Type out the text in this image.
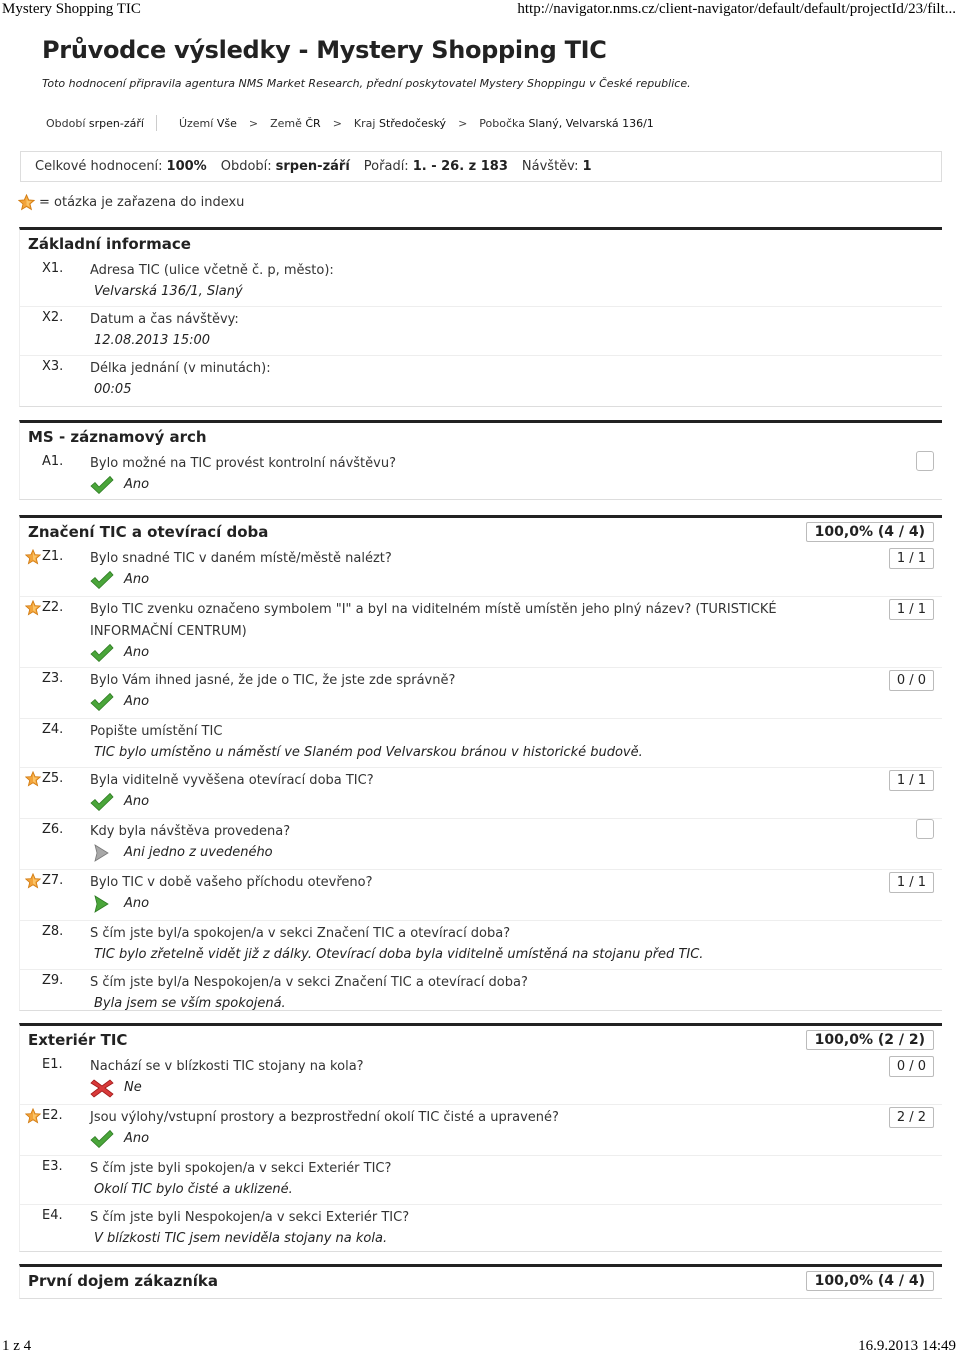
Mystery Shopping TIC	http://navigator.nms.cz/client-navigator/default/default/projectId/23/filt...
Průvodce výsledky - Mystery Shopping TIC
Toto hodnocení připravila agentura NMS Market Research, přední poskytovatel Mystery Shoppingu v České republice.
Období srpen-září	Území Vše > Země ČR > Kraj Středočeský > Pobočka Slaný, Velvarská 136/1
Celkové hodnocení: 100% Období: srpen-září Pořadí: 1. - 26. z 183 Návštěv: 1
= otázka je zařazena do indexu
Základní informace
X1. Adresa TIC (ulice včetně č. p, město):
Velvarská 136/1, Slaný
X2. Datum a čas návštěvy:
12.08.2013 15:00
X3. Délka jednání (v minutách):
00:05
MS - záznamový arch
A1. Bylo možné na TIC provést kontrolní návštěvu?
Ano
Značení TIC a otevírací doba	100,0% (4 / 4)
Z1. Bylo snadné TIC v daném místě/městě nalézt?
Ano
1 / 1
Z2. Bylo TIC zvenku označeno symbolem "I" a byl na viditelném místě umístěn jeho plný název? (TURISTICKÉ INFORMAČNÍ CENTRUM)
Ano
1 / 1
Z3. Bylo Vám ihned jasné, že jde o TIC, že jste zde správně?
Ano
0 / 0
Z4. Popište umístění TIC
TIC bylo umístěno u náměstí ve Slaném pod Velvarskou bránou v historické budově.
Z5. Byla viditelně vyvěšena otevírací doba TIC?
Ano
1 / 1
Z6. Kdy byla návštěva provedena?
Ani jedno z uvedeného
Z7. Bylo TIC v době vašeho příchodu otevřeno?
Ano
1 / 1
Z8. S čím jste byl/a spokojen/a v sekci Značení TIC a otevírací doba?
TIC bylo zřetelně vidět již z dálky. Otevírací doba byla viditelně umístěná na stojanu před TIC.
Z9. S čím jste byl/a Nespokojen/a v sekci Značení TIC a otevírací doba?
Byla jsem se vším spokojená.
Exteriér TIC	100,0% (2 / 2)
E1. Nachází se v blízkosti TIC stojany na kola?
Ne
0 / 0
E2. Jsou výlohy/vstupní prostory a bezprostřední okolí TIC čisté a upravené?
Ano
2 / 2
E3. S čím jste byli spokojen/a v sekci Exteriér TIC?
Okolí TIC bylo čisté a uklizené.
E4. S čím jste byli Nespokojen/a v sekci Exteriér TIC?
V blízkosti TIC jsem neviděla stojany na kola.
První dojem zákazníka	100,0% (4 / 4)
1 z 4	16.9.2013 14:49
